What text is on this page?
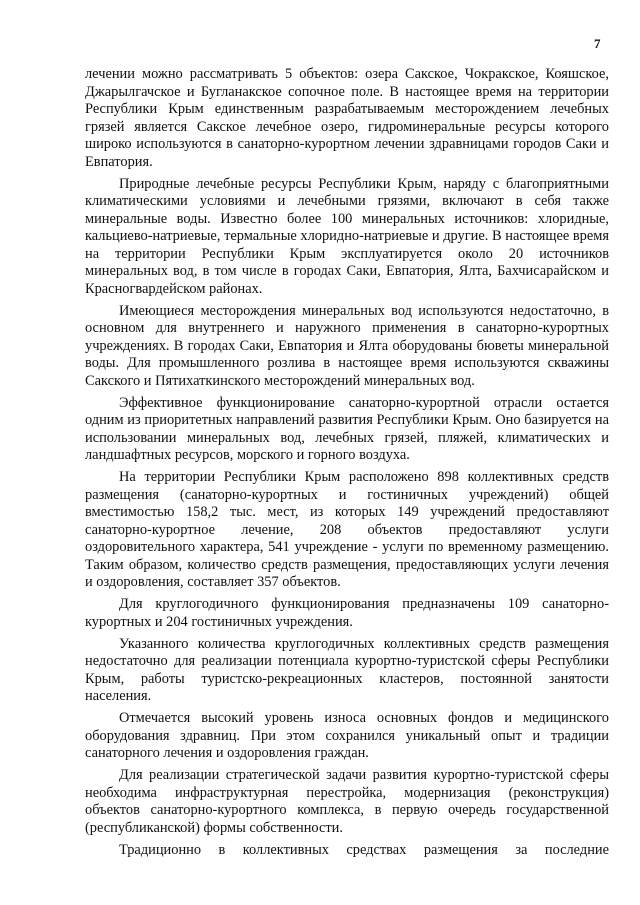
7

лечении можно рассматривать 5 объектов: озера Сакское, Чокракское, Кояшское, Джарылгачское и Бугланакское сопочное поле. В настоящее время на территории Республики Крым единственным разрабатываемым месторождением лечебных грязей является Сакское лечебное озеро, гидроминеральные ресурсы которого широко используются в санаторно-курортном лечении здравницами городов Саки и Евпатория.

Природные лечебные ресурсы Республики Крым, наряду с благоприятными климатическими условиями и лечебными грязями, включают в себя также минеральные воды. Известно более 100 минеральных источников: хлоридные, кальциево-натриевые, термальные хлоридно-натриевые и другие. В настоящее время на территории Республики Крым эксплуатируется около 20 источников минеральных вод, в том числе в городах Саки, Евпатория, Ялта, Бахчисарайском и Красногвардейском районах.

Имеющиеся месторождения минеральных вод используются недостаточно, в основном для внутреннего и наружного применения в санаторно-курортных учреждениях. В городах Саки, Евпатория и Ялта оборудованы бюветы минеральной воды. Для промышленного розлива в настоящее время используются скважины Сакского и Пятихаткинского месторождений минеральных вод.

Эффективное функционирование санаторно-курортной отрасли остается одним из приоритетных направлений развития Республики Крым. Оно базируется на использовании минеральных вод, лечебных грязей, пляжей, климатических и ландшафтных ресурсов, морского и горного воздуха.

На территории Республики Крым расположено 898 коллективных средств размещения (санаторно-курортных и гостиничных учреждений) общей вместимостью 158,2 тыс. мест, из которых 149 учреждений предоставляют санаторно-курортное лечение, 208 объектов предоставляют услуги оздоровительного характера, 541 учреждение - услуги по временному размещению. Таким образом, количество средств размещения, предоставляющих услуги лечения и оздоровления, составляет 357 объектов.

Для круглогодичного функционирования предназначены 109 санаторно-курортных и 204 гостиничных учреждения.

Указанного количества круглогодичных коллективных средств размещения недостаточно для реализации потенциала курортно-туристской сферы Республики Крым, работы туристско-рекреационных кластеров, постоянной занятости населения.

Отмечается высокий уровень износа основных фондов и медицинского оборудования здравниц. При этом сохранился уникальный опыт и традиции санаторного лечения и оздоровления граждан.

Для реализации стратегической задачи развития курортно-туристской сферы необходима инфраструктурная перестройка, модернизация (реконструкция) объектов санаторно-курортного комплекса, в первую очередь государственной (республиканской) формы собственности.

Традиционно в коллективных средствах размещения за последние
